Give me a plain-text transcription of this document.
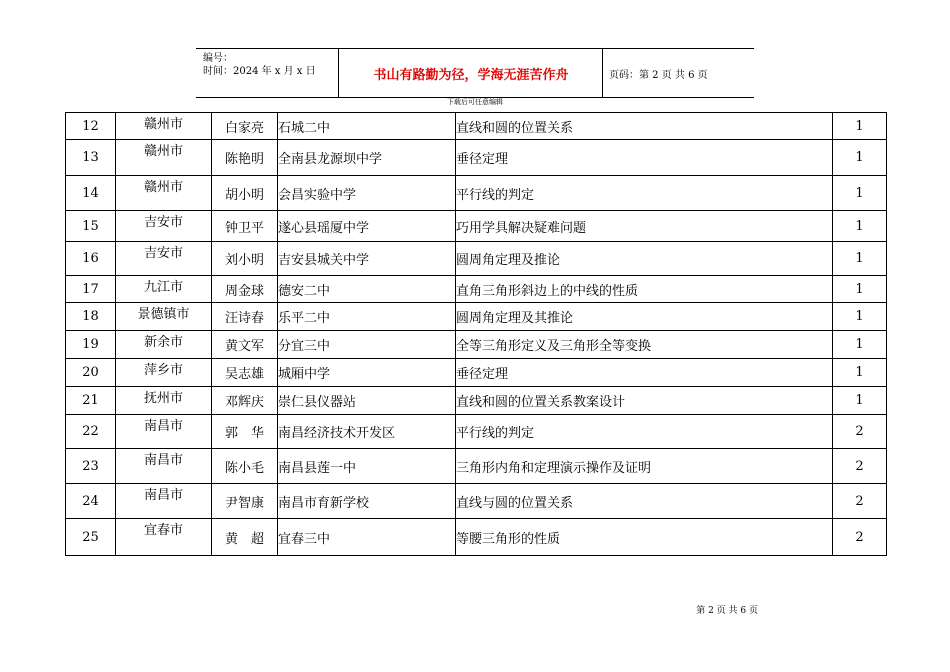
编号：
时间：2024 年 x 月 x 日	书山有路勤为径，学海无涯苦作舟	页码：第 2 页 共 6 页
下载后可任意编辑
12	赣州市	白家亮	石城二中	直线和圆的位置关系	1
13	赣州市	陈艳明	全南县龙源坝中学	垂径定理	1
14	赣州市	胡小明	会昌实验中学	平行线的判定	1
15	吉安市	钟卫平	遂心县瑶厦中学	巧用学具解决疑难问题	1
16	吉安市	刘小明	吉安县城关中学	圆周角定理及推论	1
17	九江市	周金球	德安二中	直角三角形斜边上的中线的性质	1
18	景德镇市	汪诗春	乐平二中	圆周角定理及其推论	1
19	新余市	黄文军	分宜三中	全等三角形定义及三角形全等变换	1
20	萍乡市	吴志雄	城厢中学	垂径定理	1
21	抚州市	邓辉庆	崇仁县仪器站	直线和圆的位置关系教案设计	1
22	南昌市	郭　华	南昌经济技术开发区	平行线的判定	2
23	南昌市	陈小毛	南昌县莲一中	三角形内角和定理演示操作及证明	2
24	南昌市	尹智康	南昌市育新学校	直线与圆的位置关系	2
25	宜春市	黄　超	宜春三中	等腰三角形的性质	2
第 2 页 共 6 页
